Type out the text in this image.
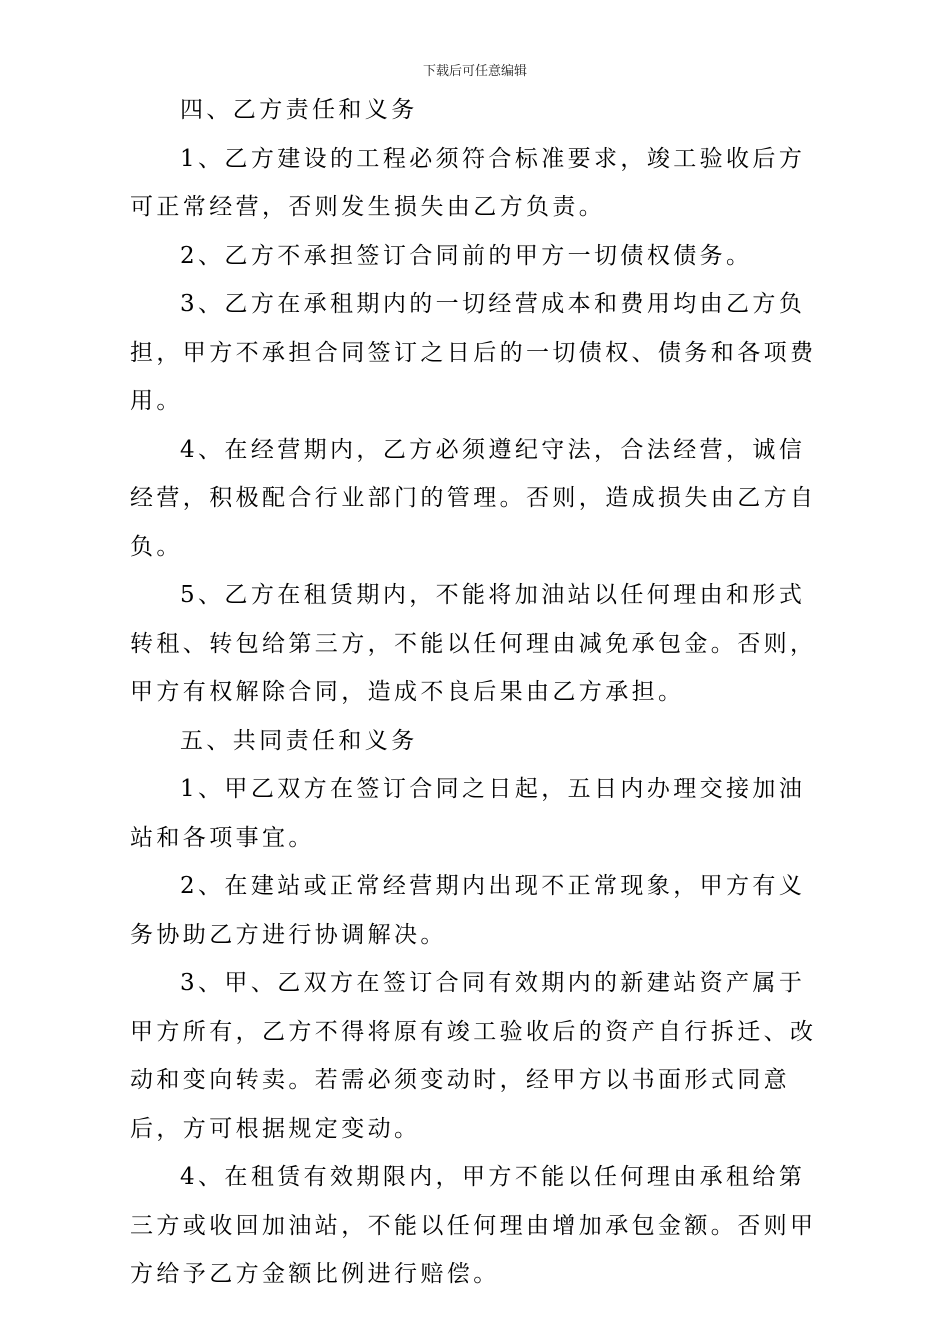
下载后可任意编辑

四、乙方责任和义务

1、乙方建设的工程必须符合标准要求，竣工验收后方可正常经营，否则发生损失由乙方负责。

2、乙方不承担签订合同前的甲方一切债权债务。

3、乙方在承租期内的一切经营成本和费用均由乙方负担，甲方不承担合同签订之日后的一切债权、债务和各项费用。

4、在经营期内，乙方必须遵纪守法，合法经营，诚信经营，积极配合行业部门的管理。否则，造成损失由乙方自负。

5、乙方在租赁期内，不能将加油站以任何理由和形式转租、转包给第三方，不能以任何理由减免承包金。否则，甲方有权解除合同，造成不良后果由乙方承担。

五、共同责任和义务

1、甲乙双方在签订合同之日起，五日内办理交接加油站和各项事宜。

2、在建站或正常经营期内出现不正常现象，甲方有义务协助乙方进行协调解决。

3、甲、乙双方在签订合同有效期内的新建站资产属于甲方所有，乙方不得将原有竣工验收后的资产自行拆迁、改动和变向转卖。若需必须变动时，经甲方以书面形式同意后，方可根据规定变动。

4、在租赁有效期限内，甲方不能以任何理由承租给第三方或收回加油站，不能以任何理由增加承包金额。否则甲方给予乙方金额比例进行赔偿。
